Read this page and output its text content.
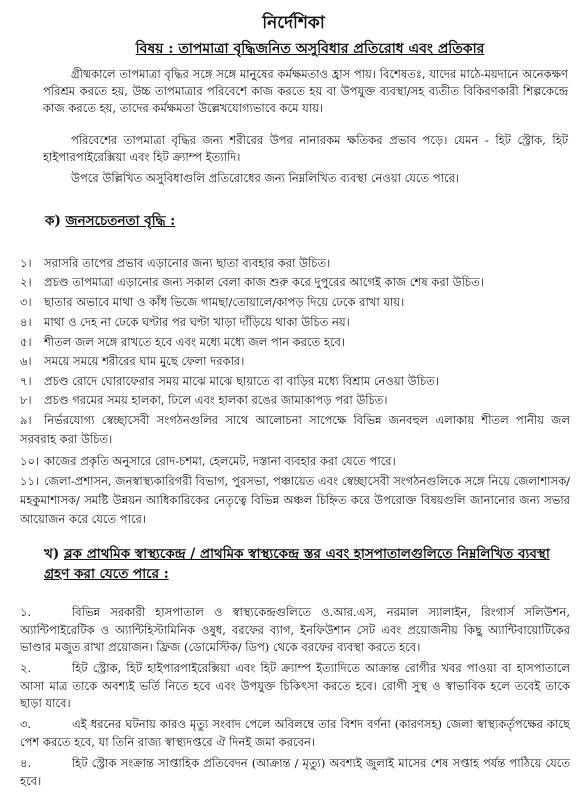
নির্দেশিকা
বিষয় : তাপমাত্রা বৃদ্ধিজনিত অসুবিধার প্রতিরোধ এবং প্রতিকার
গ্রীষ্মকালে তাপমাত্রা বৃদ্ধির সঙ্গে সঙ্গে মানুষের কর্মক্ষমতাও হ্রাস পায়। বিশেষতঃ, যাদের মাঠে-ময়দানে অনেকক্ষণ পরিশ্রম করতে হয়, উচ্চ তাপমাত্রার পরিবেশে কাজ করতে হয় বা উপযুক্ত ব্যবস্থা/সহ ব্যতীত বিকিরণকারী শিল্পকেন্দ্রে কাজ করতে হয়, তাদের কর্মক্ষমতা উল্লেখযোগ্যভাবে কমে যায়।
পরিবেশের তাপমাত্রা বৃদ্ধির জন্য শরীরের উপর নানারকম ক্ষতিকর প্রভাব পড়ে। যেমন - হিট স্ট্রোক, হিট হাইপারপাইরেক্সিয়া এবং হিট ক্র্যাম্প ইত্যাদি।
উপরে উল্লিখিত অসুবিধাগুলি প্রতিরোধের জন্য নিম্নলিখিত ব্যবস্থা নেওয়া যেতে পারে।
ক) জনসচেতনতা বৃদ্ধি :
১। সরাসরি তাপের প্রভাব এড়ানোর জন্য ছাতা ব্যবহার করা উচিত।
২। প্রচণ্ড তাপমাত্রা এড়ানোর জন্য সকাল বেলা কাজ শুরু করে দুপুরের আগেই কাজ শেষ করা উচিত।
৩। ছাতার অভাবে মাথা ও কাঁধ ভিজে গামছা/তোয়ালে/কাপড় দিয়ে ঢেকে রাখা যায়।
৪। মাথা ও দেহ না ঢেকে ঘণ্টার পর ঘণ্টা খাড়া দাঁড়িয়ে থাকা উচিত নয়।
৫। শীতল জল সঙ্গে রাখতে হবে এবং মধ্যে মধ্যে জল পান করতে হবে।
৬। সময়ে সময়ে শরীরের ঘাম মুছে ফেলা দরকার।
৭। প্রচণ্ড রোদে ঘোরাফেরার সময় মাঝে মাঝে ছায়াতে বা বাড়ির মধ্যে বিশ্রাম নেওয়া উচিত।
৮। প্রচণ্ড গরমের সময় হালকা, ঢিলে এবং হালকা রঙের জামাকাপড় পরা উচিত।
৯। নির্ভরযোগ্য স্বেচ্ছাসেবী সংগঠনগুলির সাথে আলোচনা সাপেক্ষে বিভিন্ন জনবহুল এলাকায় শীতল পানীয় জল সরবরাহ করা উচিত।
১০। কাজের প্রকৃতি অনুসারে রোদ-চশমা, হেলমেট, দস্তানা ব্যবহার করা যেতে পারে।
১১। জেলা-প্রশাসন, জনস্বাস্থ্যকারিগরী বিভাগ, পুরসভা, পঞ্চায়েত এবং স্বেচ্ছাসেবী সংগঠনগুলিকে সঙ্গে নিয়ে জেলাশাসক/ মহকুমাশাসক/ সমষ্টি উন্নয়ন আধিকারিকের নেতৃত্বে বিভিন্ন অঞ্চল চিহ্নিত করে উপরোক্ত বিষয়গুলি জানানোর জন্য সভার আয়োজন করে যেতে পারে।
খ) ব্লক প্রাথমিক স্বাস্থ্যকেন্দ্র / প্রাথমিক স্বাস্থ্যকেন্দ্র স্তর এবং হাসপাতালগুলিতে নিম্নলিখিত ব্যবস্থা গ্রহণ করা যেতে পারে :
১.	বিভিন্ন সরকারী হাসপাতাল ও স্বাস্থ্যকেন্দ্রগুলিতে ও.আর.এস, নরমাল স্যালাইন, রিংগার্স সলিউশন, অ্যান্টিপাইরেটিক ও অ্যান্টিহিস্টামিনিক ওষুধ, বরফের ব্যাগ, ইনফিউশান সেট এবং প্রয়োজনীয় কিছু অ্যান্টিবায়োটিকের ভাণ্ডার মজুত রাখা প্রয়োজন। ফ্রিজ (ডোমেস্টিক/ ডিপ) থেকে বরফের ব্যবস্থা করতে হবে।
২.	হিট স্ট্রোক, হিট হাইপারপাইরেক্সিয়া এবং হিট ক্র্যাম্প ইত্যাদিতে আক্রান্ত রোগীর খবর পাওয়া বা হাসপাতালে আসা মাত্র তাকে অবশ্যই ভর্তি নিতে হবে এবং উপযুক্ত চিকিৎসা করতে হবে। রোগী সুস্থ ও স্বাভাবিক হলে তবেই তাকে ছাড়া যাবে।
৩.	এই ধরনের ঘটনায় কারও মৃত্যু সংবাদ পেলে অবিলম্বে তার বিশদ বর্ণনা (কারণসহ) জেলা স্বাস্থ্যকর্তৃপক্ষের কাছে পেশ করতে হবে, যা তিনি রাজ্য স্বাস্থ্যদপ্তরে ঐ দিনই জমা করবেন।
৪.	হিট স্ট্রোক সংক্রান্ত সাপ্তাহিক প্রতিবেদন (আক্রান্ত / মৃত্যু) অবশ্যই জুলাই মাসের শেষ সপ্তাহ পর্যন্ত পাঠিয়ে যেতে হবে।
